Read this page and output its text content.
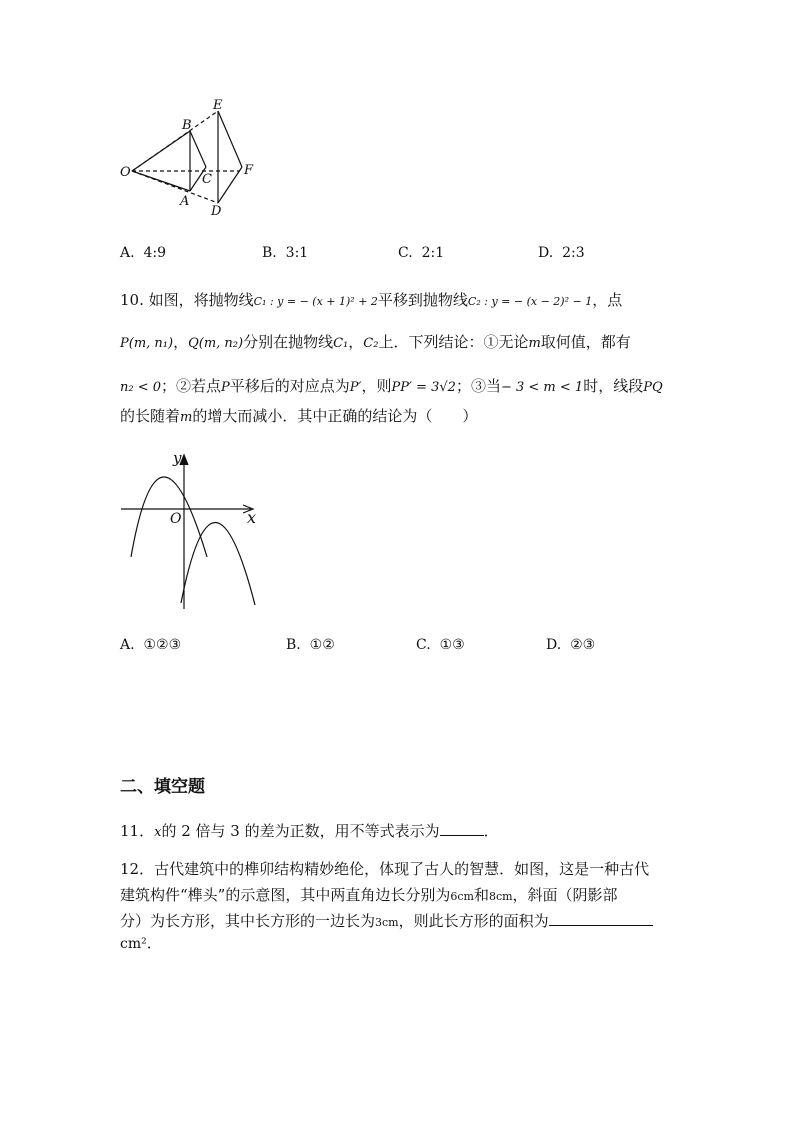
E
B
O	C
F
A
D
A. 4:9	B. 3:1	C. 2:1	D. 2:3
10. 如图，将抛物线C₁ : y = − (x + 1)² + 2平移到抛物线C₂ : y = − (x − 2)² − 1，点
P(m, n₁)，Q(m, n₂)分别在抛物线C₁，C₂上．下列结论：①无论m取何值，都有
n₂ < 0；②若点P平移后的对应点为P′，则PP′ = 3√2；③当− 3 < m < 1时，线段PQ
的长随着m的增大而减小．其中正确的结论为（　　）
y
x
O
A. ①②③	B. ①②	C. ①③	D. ②③
二、填空题
11．x的 2 倍与 3 的差为正数，用不等式表示为	．
12．古代建筑中的榫卯结构精妙绝伦，体现了古人的智慧．如图，这是一种古代
建筑构件“榫头”的示意图，其中两直角边长分别为6cm和8cm，斜面（阴影部
分）为长方形，其中长方形的一边长为3cm，则此长方形的面积为
cm²．
